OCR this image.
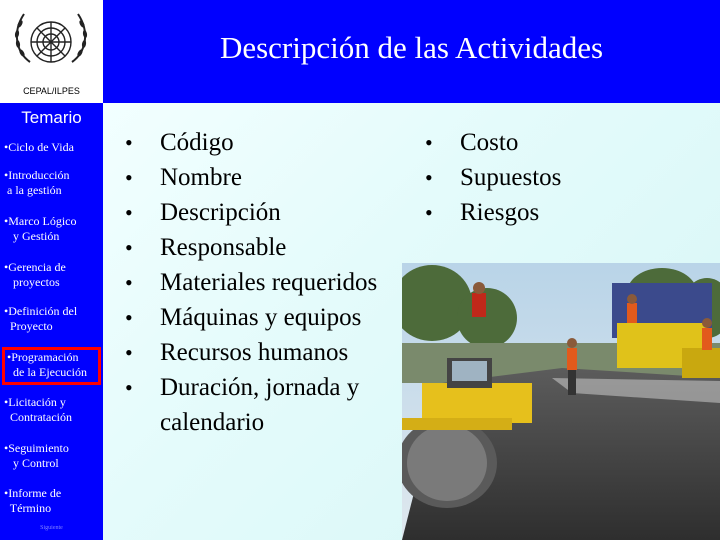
Descripción de las Actividades
CEPAL/ILPES
Temario
•Ciclo de Vida
•Introducción
a la gestión
•Marco Lógico
y Gestión
•Gerencia de
proyectos
•Definición del
Proyecto
•Programación
de la Ejecución
•Licitación y
Contratación
•Seguimiento
y Control
•Informe de
Término
Siguiente
• Código
• Nombre
• Descripción
• Responsable
• Materiales requeridos
• Máquinas y equipos
• Recursos humanos
• Duración, jornada y calendario
• Costo
• Supuestos
• Riesgos
